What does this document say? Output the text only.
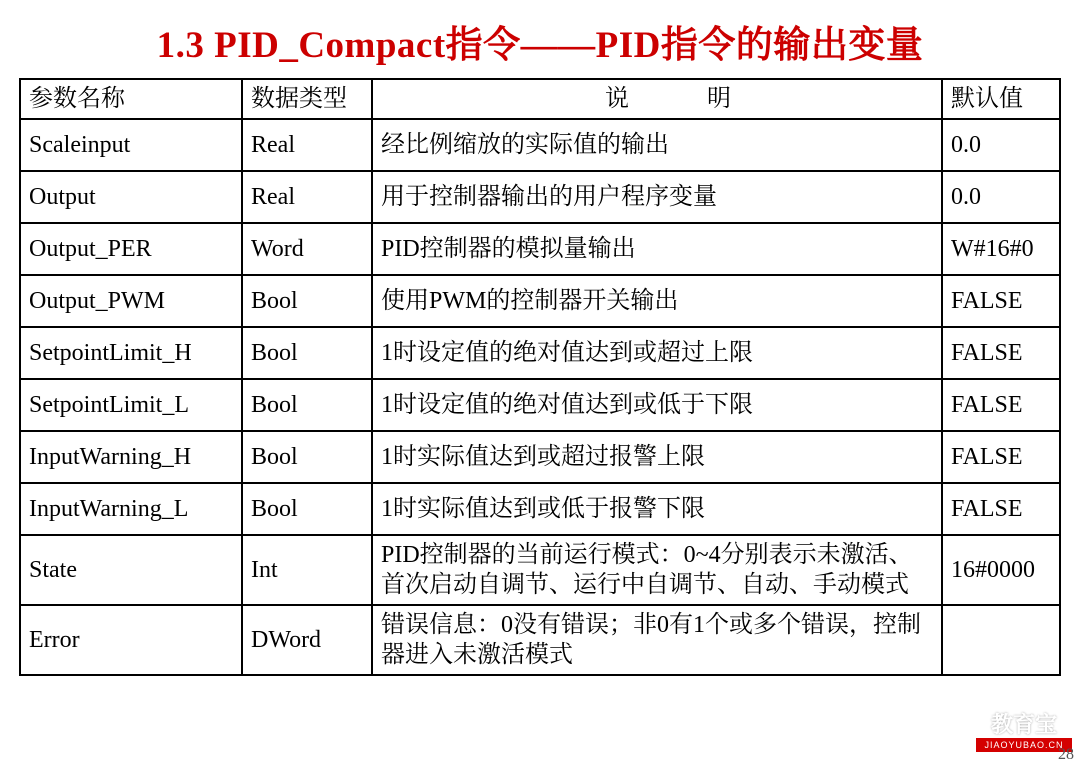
1.3 PID_Compact指令——PID指令的输出变量
参数名称	数据类型	说　　明	默认值
Scaleinput	Real	经比例缩放的实际值的输出	0.0
Output	Real	用于控制器输出的用户程序变量	0.0
Output_PER	Word	PID控制器的模拟量输出	W#16#0
Output_PWM	Bool	使用PWM的控制器开关输出	FALSE
SetpointLimit_H	Bool	1时设定值的绝对值达到或超过上限	FALSE
SetpointLimit_L	Bool	1时设定值的绝对值达到或低于下限	FALSE
InputWarning_H	Bool	1时实际值达到或超过报警上限	FALSE
InputWarning_L	Bool	1时实际值达到或低于报警下限	FALSE
State	Int	PID控制器的当前运行模式：0~4分别表示未激活、首次启动自调节、运行中自调节、自动、手动模式	16#0000
Error	DWord	错误信息：0没有错误；非0有1个或多个错误，控制器进入未激活模式	
教育宝
JIAOYUBAO.CN
28
